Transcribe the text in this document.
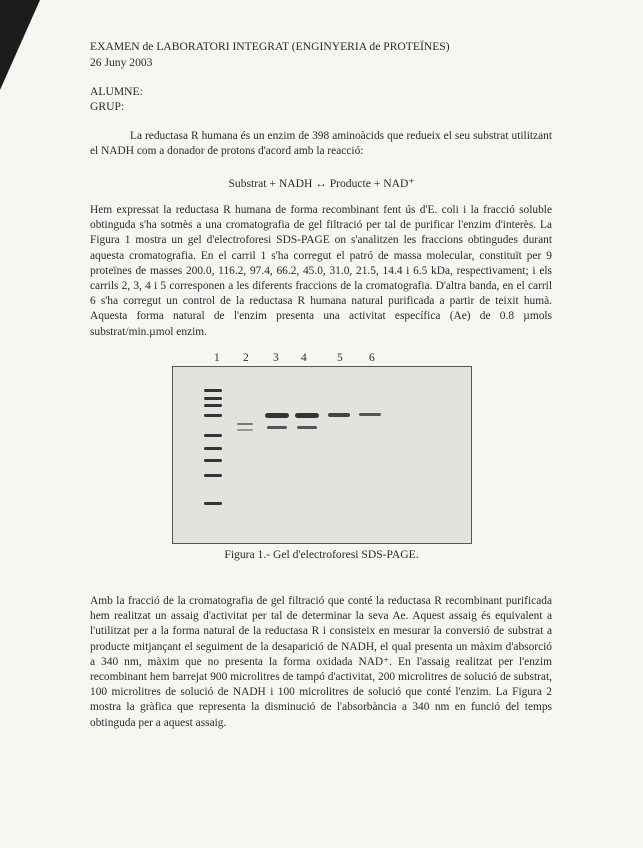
EXAMEN de LABORATORI INTEGRAT (ENGINYERIA de PROTEÏNES)
26 Juny 2003
ALUMNE:
GRUP:
La reductasa R humana és un enzim de 398 aminoàcids que redueix el seu substrat utilitzant el NADH com a donador de protons d'acord amb la reacció:
Substrat + NADH ↔ Producte + NAD⁺
Hem expressat la reductasa R humana de forma recombinant fent ús d'E. coli i la fracció soluble obtinguda s'ha sotmès a una cromatografia de gel filtració per tal de purificar l'enzim d'interès. La Figura 1 mostra un gel d'electroforesi SDS-PAGE on s'analitzen les fraccions obtingudes durant aquesta cromatografia. En el carril 1 s'ha corregut el patró de massa molecular, constituït per 9 proteïnes de masses 200.0, 116.2, 97.4, 66.2, 45.0, 31.0, 21.5, 14.4 i 6.5 kDa, respectivament; i els carrils 2, 3, 4 i 5 corresponen a les diferents fraccions de la cromatografia. D'altra banda, en el carril 6 s'ha corregut un control de la reductasa R humana natural purificada a partir de teixit humà. Aquesta forma natural de l'enzim presenta una activitat específica (Ae) de 0.8 µmols substrat/min.µmol enzim.
1 2 3 4	5 6
Figura 1.- Gel d'electroforesi SDS-PAGE.
Amb la fracció de la cromatografia de gel filtració que conté la reductasa R recombinant purificada hem realitzat un assaig d'activitat per tal de determinar la seva Ae. Aquest assaig és equivalent a l'utilitzat per a la forma natural de la reductasa R i consisteix en mesurar la conversió de substrat a producte mitjançant el seguiment de la desaparició de NADH, el qual presenta un màxim d'absorció a 340 nm, màxim que no presenta la forma oxidada NAD⁺. En l'assaig realitzat per l'enzim recombinant hem barrejat 900 microlitres de tampó d'activitat, 200 microlitres de solució de substrat, 100 microlitres de solució de NADH i 100 microlitres de solució que conté l'enzim. La Figura 2 mostra la gràfica que representa la disminució de l'absorbància a 340 nm en funció del temps obtinguda per a aquest assaig.
